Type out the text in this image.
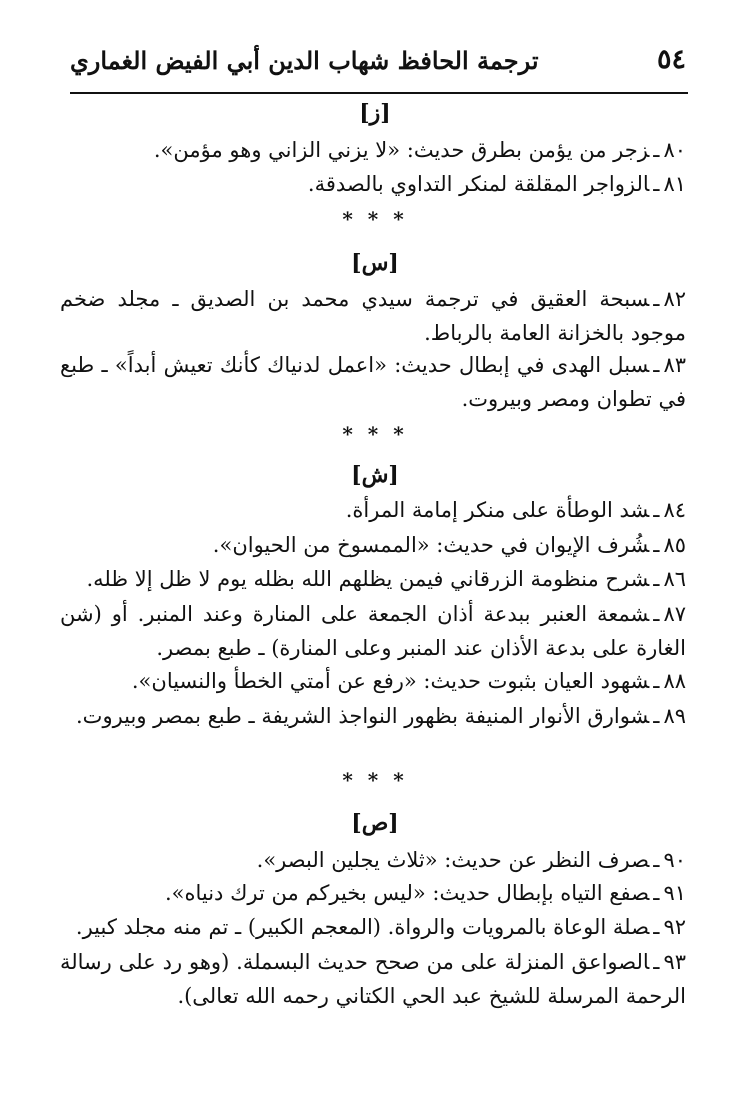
٥٤
ترجمة الحافظ شهاب الدين أبي الفيض الغماري
[ز]
٨٠ـزجر من يؤمن بطرق حديث: «لا يزني الزاني وهو مؤمن».
٨١ـالزواجر المقلقة لمنكر التداوي بالصدقة.
* * *
[س]
٨٢ـسبحة العقيق في ترجمة سيدي محمد بن الصديق ـ مجلد ضخم موجود بالخزانة العامة بالرباط.
٨٣ـسبل الهدى في إبطال حديث: «اعمل لدنياك كأنك تعيش أبداً» ـ طبع في تطوان ومصر وبيروت.
* * *
[ش]
٨٤ـشد الوطأة على منكر إمامة المرأة.
٨٥ـشُرف الإيوان في حديث: «الممسوخ من الحيوان».
٨٦ـشرح منظومة الزرقاني فيمن يظلهم الله بظله يوم لا ظل إلا ظله.
٨٧ـشمعة العنبر ببدعة أذان الجمعة على المنارة وعند المنبر. أو (شن الغارة على بدعة الأذان عند المنبر وعلى المنارة) ـ طبع بمصر.
٨٨ـشهود العيان بثبوت حديث: «رفع عن أمتي الخطأ والنسيان».
٨٩ـشوارق الأنوار المنيفة بظهور النواجذ الشريفة ـ طبع بمصر وبيروت.
* * *
[ص]
٩٠ـصرف النظر عن حديث: «ثلاث يجلين البصر».
٩١ـصفع التياه بإبطال حديث: «ليس بخيركم من ترك دنياه».
٩٢ـصلة الوعاة بالمرويات والرواة. (المعجم الكبير) ـ تم منه مجلد كبير.
٩٣ـالصواعق المنزلة على من صحح حديث البسملة. (وهو رد على رسالة الرحمة المرسلة للشيخ عبد الحي الكتاني رحمه الله تعالى).
